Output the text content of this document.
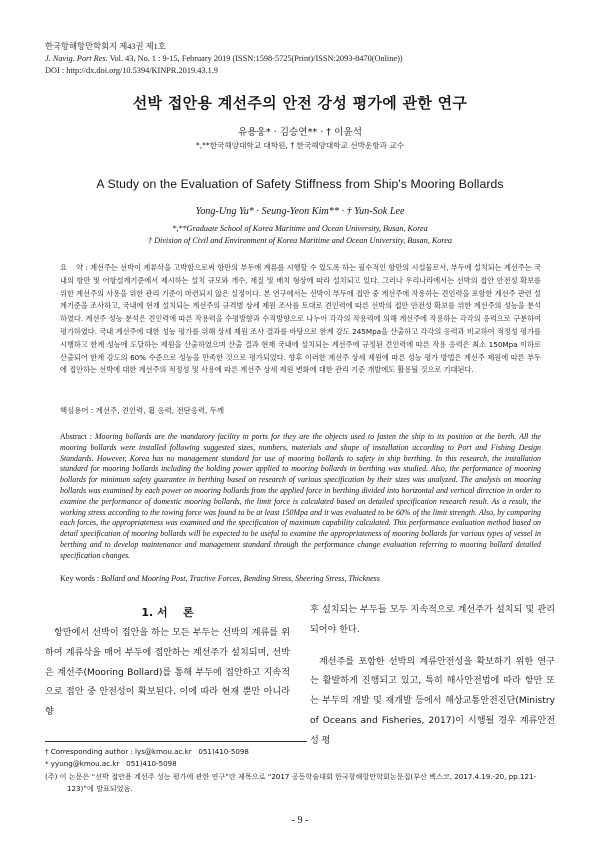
한국항해항만학회지 제43권 제1호
J. Navig. Port Res. Vol. 43, No. 1 : 9-15, February 2019 (ISSN:1598-5725(Print)/ISSN:2093-8470(Online))
DOI : http://dx.doi.org/10.5394/KINPR.2019.43.1.9
선박 접안용 계선주의 안전 강성 평가에 관한 연구
유용웅* · 김승연** · † 이윤석
*,**한국해양대학교 대학원, † 한국해양대학교 선박운항과 교수
A Study on the Evaluation of Safety Stiffness from Ship's Mooring Bollards
Yong-Ung Yu* · Seung-Yeon Kim** · † Yun-Sok Lee
*,**Graduate School of Korea Maritime and Ocean University, Busan, Korea
† Division of Civil and Environment of Korea Maritime and Ocean University, Busan, Korea
요    약 : 계선주는 선박이 계류삭을 고박함으로써 항만의 부두에 계류를 시행할 수 있도록 하는 필수적인 항만의 시설물로서, 부두에 설치되는 계선주는 국내의 항만 및 어항설계기준에서 제시하는 설치 규모와 개수, 재질 및 배치 형상에 따라 설치되고 있다. 그러나 우리나라에서는 선박의 접안 안전성 확보를 위한 계선주의 사용을 위한 관리 기준이 마련되지 않은 실정이다. 본 연구에서는 선박이 부두에 접안 중 계선주에 작용하는 견인력을 포함한 계선주 관련 설계기준을 조사하고, 국내에 현재 설치되는 계선주의 규격별 상세 제원 조사를 토대로 견인력에 따른 선박의 접안 안전성 확보를 위한 계선주의 성능을 분석하였다. 계선주 성능 분석은 견인력에 따른 작용력을 수평방향과 수직방향으로 나누어 각각의 작용력에 의해 계선주에 작용하는 각각의 응력으로 구분하여 평가하였다. 국내 계선주에 대한 성능 평가를 위해 상세 제원 조사 결과를 바탕으로 한계 강도 245Mpa을 산출하고 각각의 응력과 비교하여 적정성 평가를 시행하고 한계 성능에 도달하는 제원을 산출하였으며 산출 결과 현재 국내에 설치되는 계선주에 규정된 견인력에 따른 작용 응력은 최소 150Mpa 이하로 산출되어 한계 강도의 60% 수준으로 성능을 만족한 것으로 평가되었다. 향후 이러한 계선주 상세 제원에 따른 성능 평가 방법은 계선주 제원에 따른 부두에 접안하는 선박에 대한 계선주의 적정성 및 사용에 따른 계선주 상세 제원 변화에 대한 관리 기준 개발에도 활용될 것으로 기대된다.
핵심용어 : 계선주, 견인력, 휨 응력, 전단응력, 두께
Abstract : Mooring bollards are the mandatory facility in ports for they are the objects used to fasten the ship to its position at the berth. All the mooring bollards were installed following suggested sizes, numbers, materials and shape of installation according to Port and Fishing Design Standards. However, Korea has no management standard for use of mooring bollards to safety in ship berthing. In this research, the installation standard for mooring bollards including the holding power applied to mooring bollards in berthing was studied. Also, the performance of mooring bollards for minimum safety guarantee in berthing based on research of various specification by their sizes was analyzed. The analysis on mooring bollards was examined by each power on mooring bollards from the applied force in berthing divided into horizontal and vertical direction in order to examine the performance of domestic mooring bollards, the limit force is calculated based on detailed specification research result. As a result, the working stress according to the towing force was found to be at least 150Mpa and it was evaluated to be 60% of the limit strength. Also, by comparing each forces, the appropriateness was examined and the specification of maximum capability calculated. This performance evaluation method based on detail specification of mooring bollards will be expected to be useful to examine the appropriateness of mooring bollards for various types of vessel in berthing and to develop maintenance and management standard through the performance change evaluation referring to mooring bollard detailed specification changes.
Key words : Bollard and Mooring Post, Tractive Forces, Bending Stress, Sheering Stress, Thickness
1. 서    론

항만에서 선박이 접안을 하는 모든 부두는 선박의 계류를 위하여 계류삭을 매어 부두에 접안하는 계선주가 설치되며, 선박은 계선주(Mooring Bollard)를 통해 부두에 접안하고 지속적으로 접안 중 안전성이 확보된다. 이에 따라 현재 뿐만 아니라 향

후 설치되는 부두들 모두 지속적으로 계선주가 설치되 및 관리되어야 한다.

계선주를 포함한 선박의 계류안전성을 확보하기 위한 연구는 활발하게 진행되고 있고, 특히 해사안전법에 따라 항만 또는 부두의 개발 및 재개발 등에서 해상교통안전진단(Ministry of Oceans and Fisheries, 2017)이 시행될 경우 계류안전성 평

† Corresponding author : lys@kmou.ac.kr   051)410-5098
* yyung@kmou.ac.kr   051)410-5098
(주) 이 논문은 “선박 접안용 계선주 성능 평가에 관한 연구”란 제목으로 “2017 공동학술대회 한국항해항만학회논문집(부산 벡스코, 2017.4.19.-20, pp.121-123)”에 발표되었음.
- 9 -
